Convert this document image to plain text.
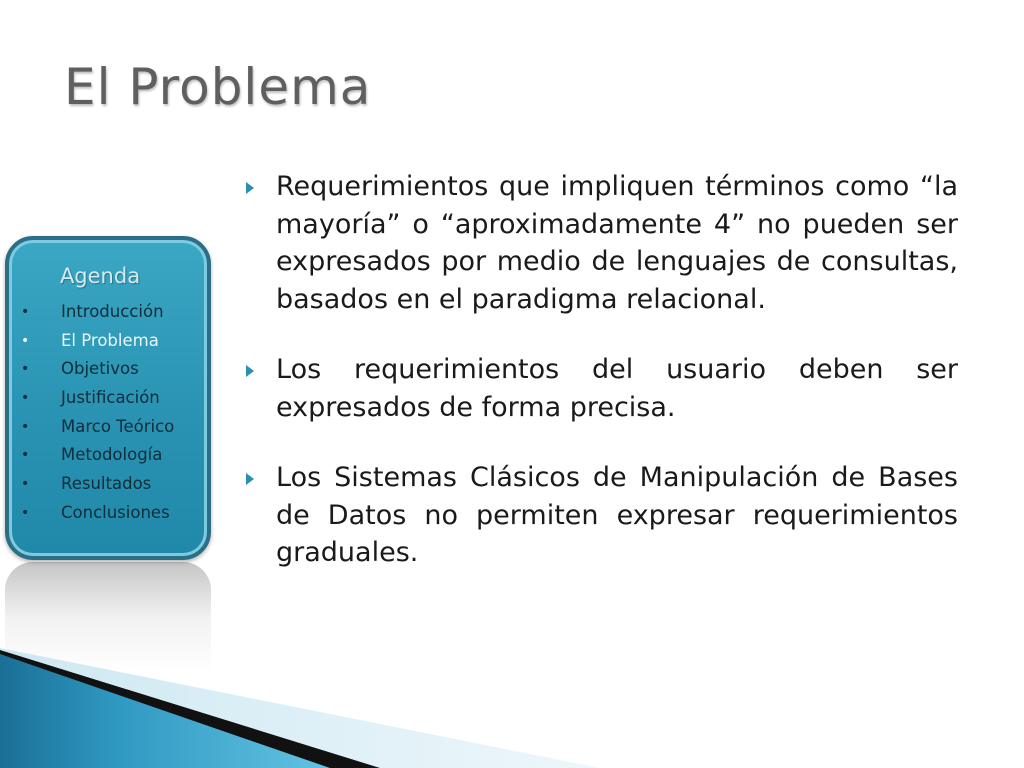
El Problema
Agenda
• Introducción
• El Problema
• Objetivos
• Justificación
• Marco Teórico
• Metodología
• Resultados
• Conclusiones
Requerimientos que impliquen términos como “la mayoría” o “aproximadamente 4” no pueden ser expresados por medio de lenguajes de consultas, basados en el paradigma relacional.
Los requerimientos del usuario deben ser expresados de forma precisa.
Los Sistemas Clásicos de Manipulación de Bases de Datos no permiten expresar requerimientos graduales.
